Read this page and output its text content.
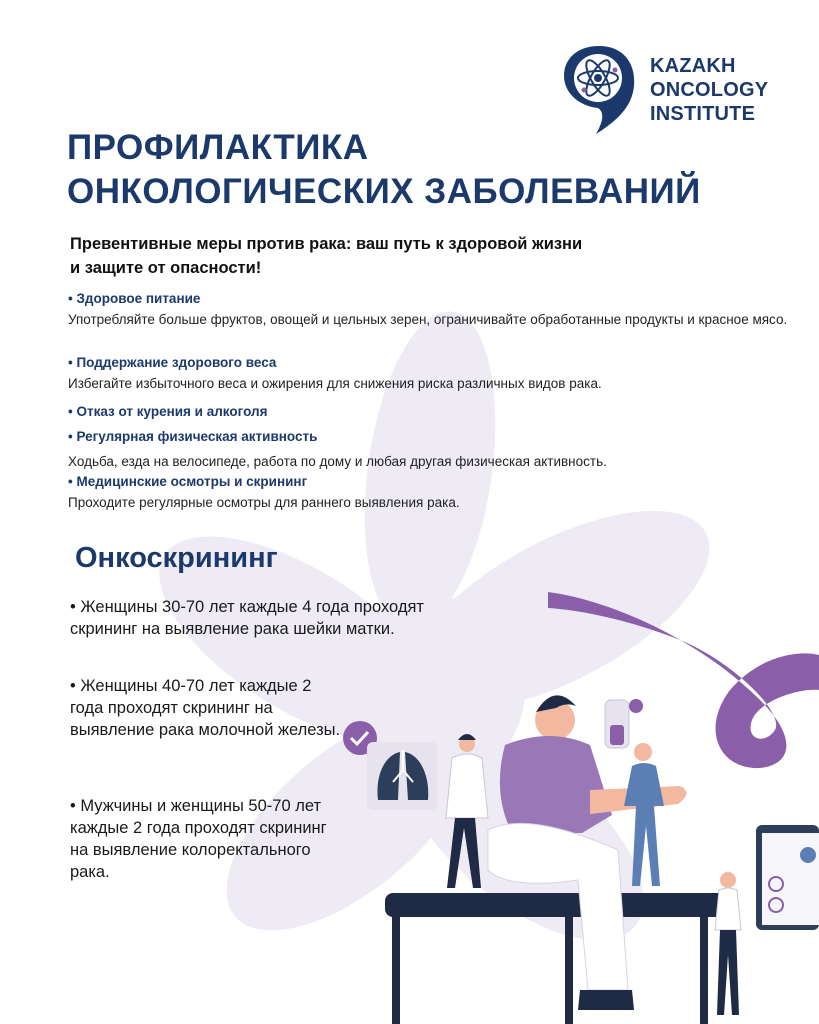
KAZAKH
ONCOLOGY
INSTITUTE
ПРОФИЛАКТИКА
ОНКОЛОГИЧЕСКИХ ЗАБОЛЕВАНИЙ

Превентивные меры против рака: ваш путь к здоровой жизни и защите от опасности!

• Здоровое питание
Употребляйте больше фруктов, овощей и цельных зерен, ограничивайте обработанные продукты и красное мясо.
• Поддержание здорового веса
Избегайте избыточного веса и ожирения для снижения риска различных видов рака.
• Отказ от курения и алкоголя
• Регулярная физическая активность
Ходьба, езда на велосипеде, работа по дому и любая другая физическая активность.
• Медицинские осмотры и скрининг
Проходите регулярные осмотры для раннего выявления рака.
Онкоскрининг
• Женщины 30-70 лет каждые 4 года проходят скрининг на выявление рака шейки матки.
• Женщины 40-70 лет каждые 2 года проходят скрининг на выявление рака молочной железы.
• Мужчины и женщины 50-70 лет каждые 2 года проходят скрининг на выявление колоректального рака.
